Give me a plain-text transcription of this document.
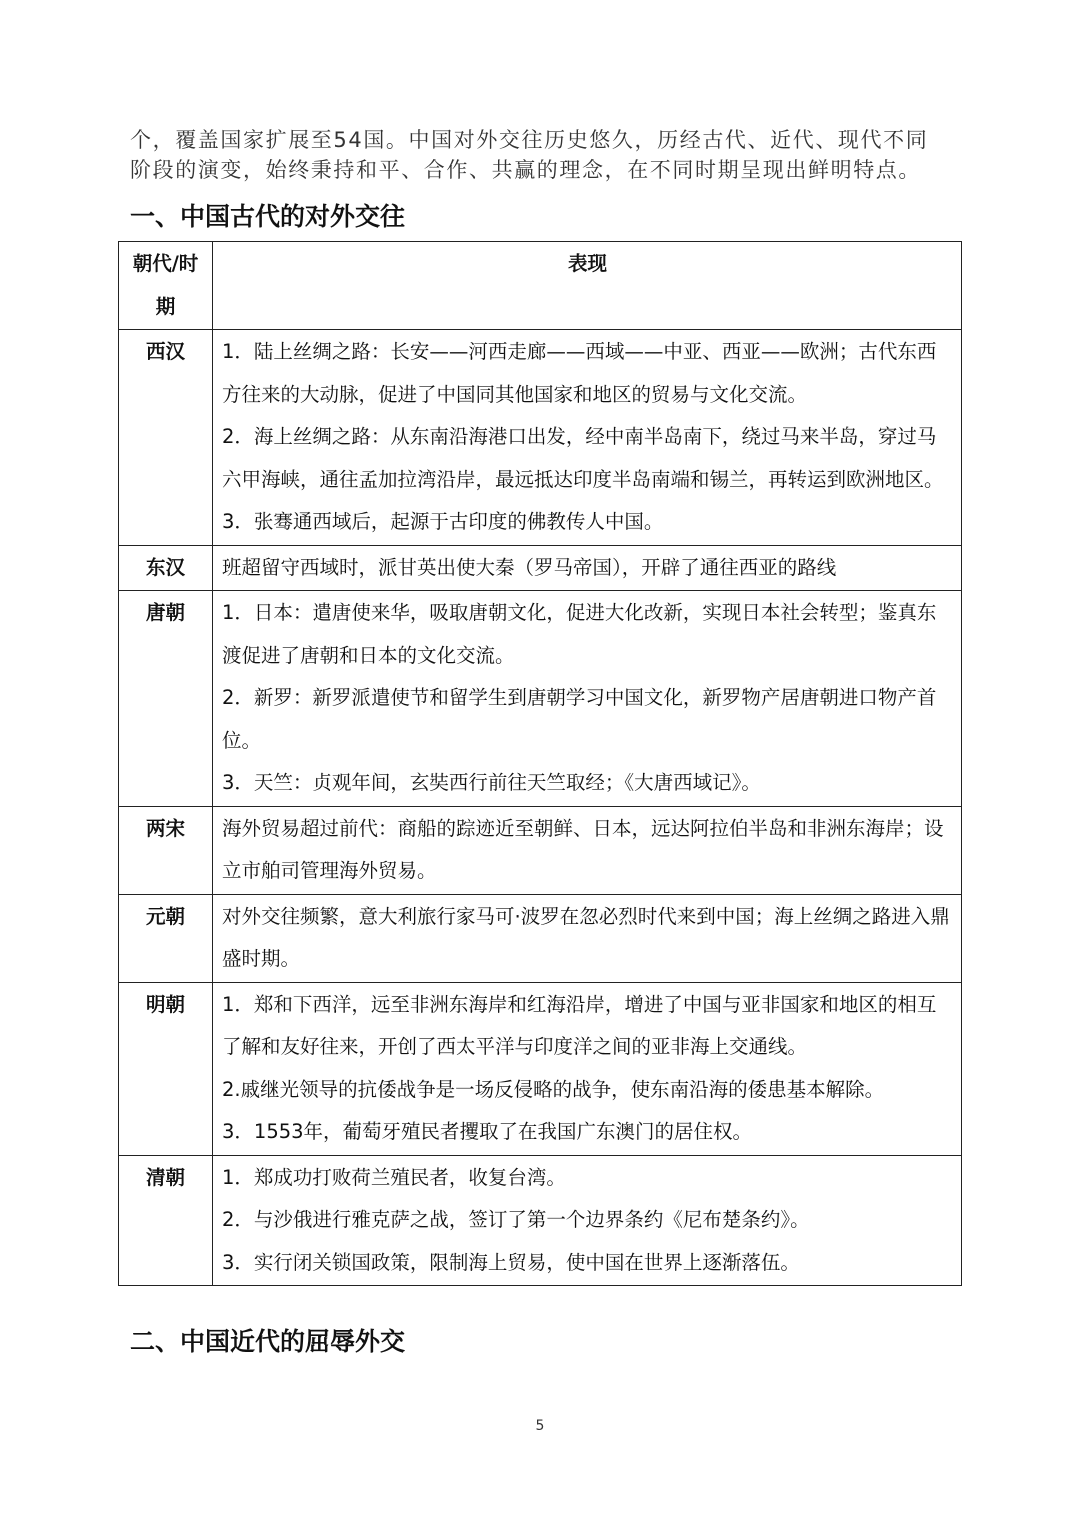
个，覆盖国家扩展至54国。中国对外交往历史悠久，历经古代、近代、现代不同

阶段的演变，始终秉持和平、合作、共赢的理念，在不同时期呈现出鲜明特点。

一、中国古代的对外交往
朝代/时期	表现
西汉	1．陆上丝绸之路：长安——河西走廊——西域——中亚、西亚——欧洲；古代东西方往来的大动脉，促进了中国同其他国家和地区的贸易与文化交流。

2．海上丝绸之路：从东南沿海港口出发，经中南半岛南下，绕过马来半岛，穿过马六甲海峡，通往孟加拉湾沿岸，最远抵达印度半岛南端和锡兰，再转运到欧洲地区。

3．张骞通西域后，起源于古印度的佛教传人中国。

东汉	班超留守西域时，派甘英出使大秦（罗马帝国），开辟了通往西亚的路线

唐朝	1．日本：遣唐使来华，吸取唐朝文化，促进大化改新，实现日本社会转型；鉴真东渡促进了唐朝和日本的文化交流。

2．新罗：新罗派遣使节和留学生到唐朝学习中国文化，新罗物产居唐朝进口物产首位。

3．天竺：贞观年间，玄奘西行前往天竺取经；《大唐西域记》。

两宋	海外贸易超过前代：商船的踪迹近至朝鲜、日本，远达阿拉伯半岛和非洲东海岸；设立市舶司管理海外贸易。

元朝	对外交往频繁，意大利旅行家马可·波罗在忽必烈时代来到中国；海上丝绸之路进入鼎盛时期。

明朝	1．郑和下西洋，远至非洲东海岸和红海沿岸，增进了中国与亚非国家和地区的相互了解和友好往来，开创了西太平洋与印度洋之间的亚非海上交通线。

2.戚继光领导的抗倭战争是一场反侵略的战争，使东南沿海的倭患基本解除。

3．1553年，葡萄牙殖民者攫取了在我国广东澳门的居住权。

清朝	1．郑成功打败荷兰殖民者，收复台湾。

2．与沙俄进行雅克萨之战，签订了第一个边界条约《尼布楚条约》。

3．实行闭关锁国政策，限制海上贸易，使中国在世界上逐渐落伍。

二、中国近代的屈辱外交
5
